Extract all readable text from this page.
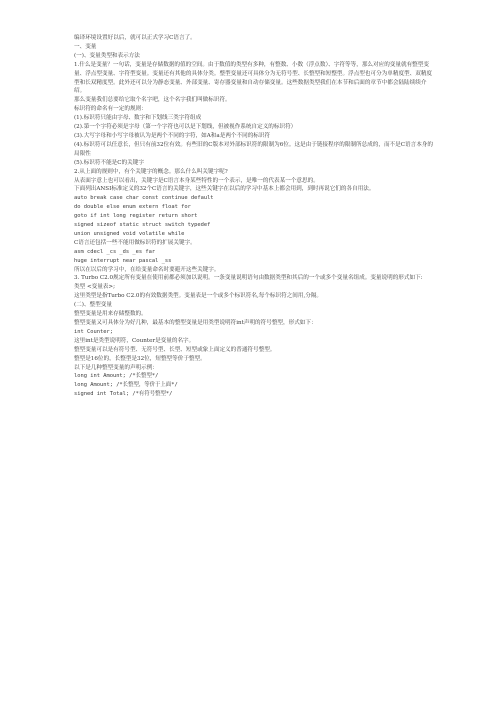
编译环境设置好以后，就可以正式学习C语言了。
一、变量
(一)、变量类型和表示方法
1.什么是变量？一句话，变量是存储数据的值的空间。由于数值的类型有多种，有整数、小数（浮点数）、字符等等，那么对应的变量就有整型变量、浮点型变量、字符型变量。变量还有其他的具体分类。整型变量还可具体分为无符号型、长整型和短整型。浮点型也可分为单精度型、双精度型和长双精度型。此外还可以分为静态变量、外部变量、寄存器变量和自动存储变量。这些数据类型我们在本节和后面的章节中都会陆陆续续介绍。
那么变量我们总要给它取个名字吧，这个名字我们叫做标识符。
标识符的命名有一定的规则：
(1).标识符只能由字母、数字和下划线三类字符组成
(2).第一个字符必须是字母（第一个字符也可以是下划线，但被视作系统自定义的标识符）
(3).大写字母和小写字母被认为是两个不同的字符，如A和a是两个不同的标识符
(4).标识符可以任意长，但只有前32位有效。有些旧的C版本对外部标识符的限制为6位。这是由于链接程序的限制所总成的，而不是C语言本身的局限性
(5).标识符不能是C的关键字
2.从上面的规则中，有个关键字的概念。那么什么叫关键字呢?
从表面字意上也可以看出，关键字是C语言本身某些特性的一个表示，是唯一的代表某一个意思的。
下面列出ANSI标准定义的32个C语言的关键字，这些关键字在以后的学习中基本上都会用到，到时再说它们的各自用法。
auto break case char const continue default
do double else enum extern float for
goto if int long register return short
signed sizeof static struct switch typedef
union unsigned void volatile while
C语言还包括一些不能用做标识符的扩展关键字。
asm cdecl _cs _ds _es far
huge interrupt near pascal _ss
所以在以后的学习中，在给变量命名时要避开这些关键字。
3. Turbo C2.0规定所有变量在使用前都必须加以说明。一条变量说明语句由数据类型和其后的一个或多个变量名组成。变量说明的形式如下:
类型 <变量表>;
这里类型是指Turbo C2.0的有效数据类型。变量表是一个或多个标识符名,每个标识符之间用,分隔。
(二)、整型变量
整型变量是用来存储整数的。
整型变量又可具体分为好几种，最基本的整型变量是用类型说明符int声明的符号整型，形式如下：
int Counter;
这里int是类型说明符，Counter是变量的名字。
整型变量可以是有符号型、无符号型、长型、短型或象上面定义的普通符号整型。
整型是16位的，长整型是32位，短整型等价于整型。
以下是几种整型变量的声明示例：
long int Amount; /*长整型*/
long Amount; /*长整型，等价于上面*/
signed int Total; /*有符号整型*/
